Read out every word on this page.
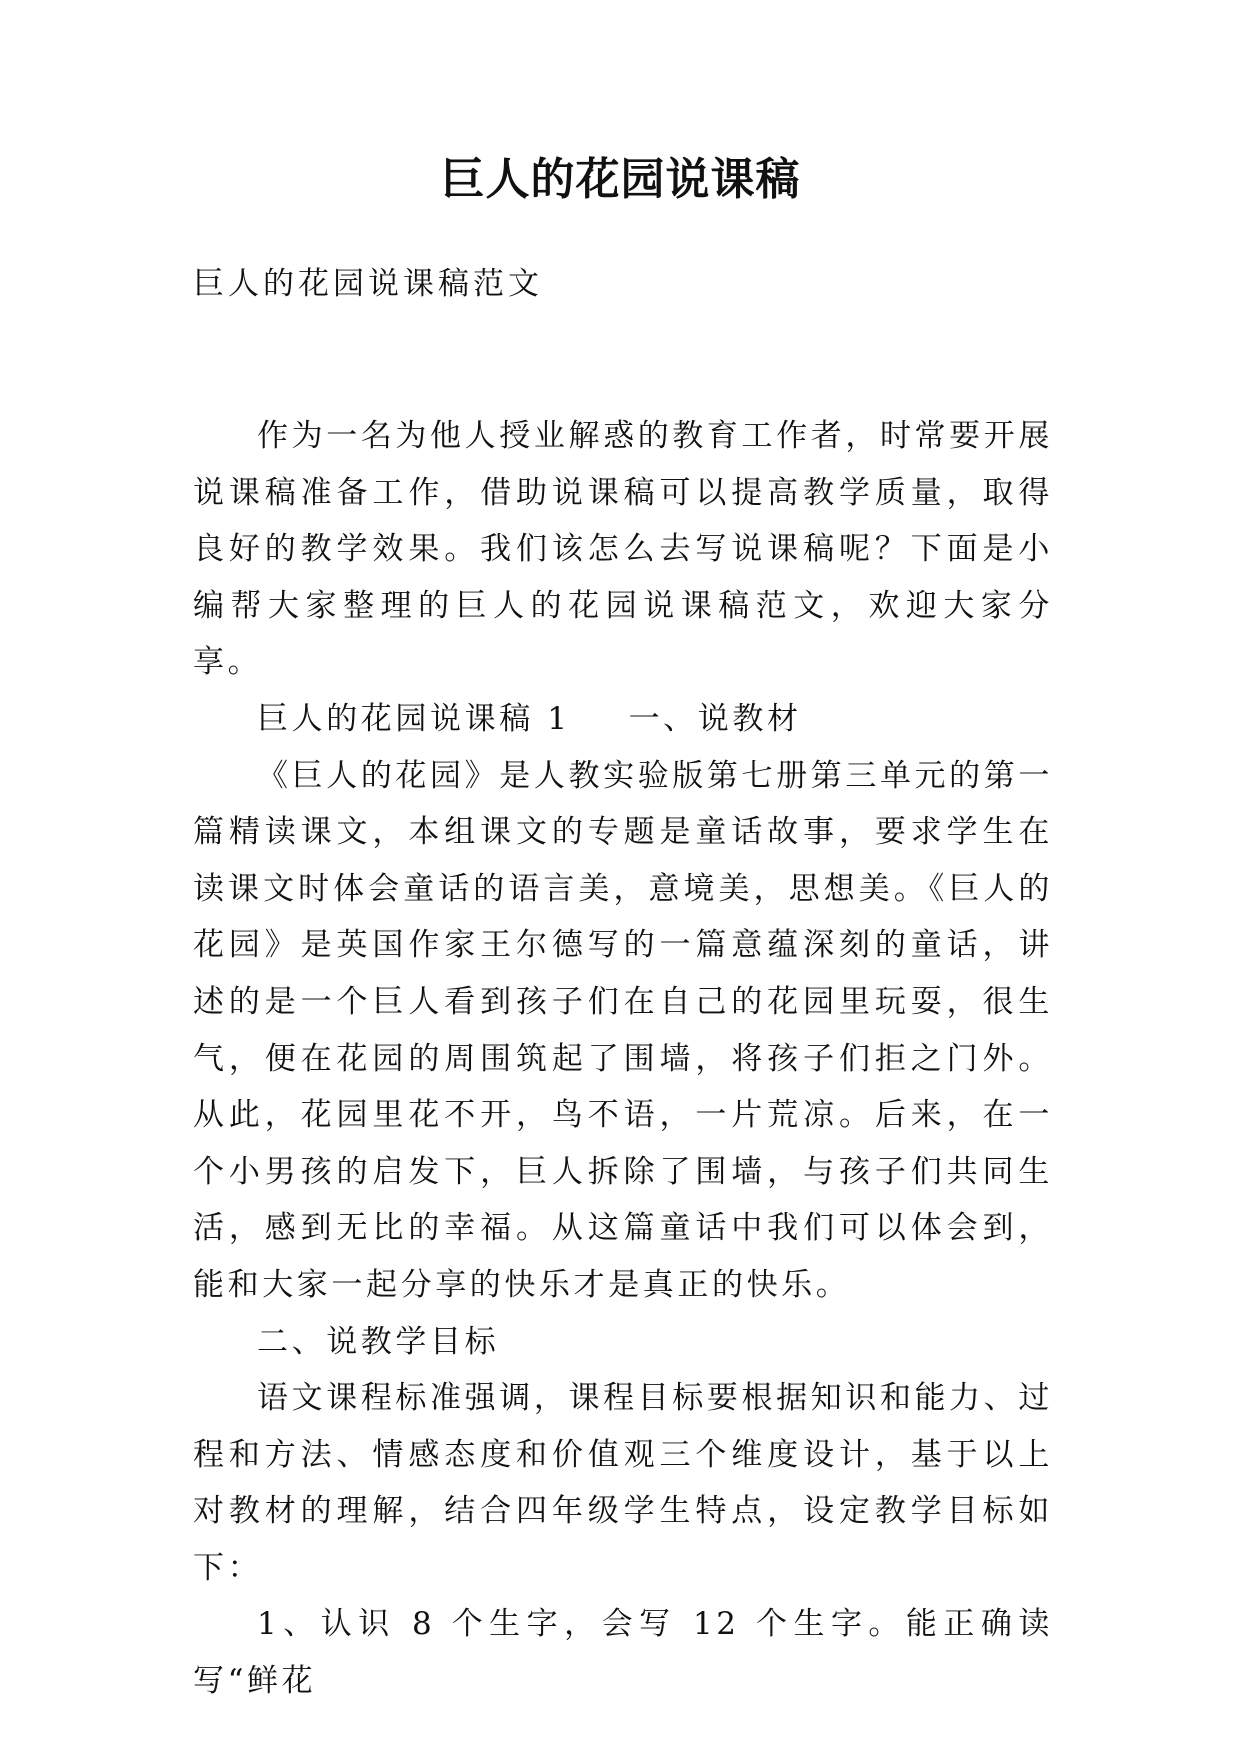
巨人的花园说课稿
巨人的花园说课稿范文

作为一名为他人授业解惑的教育工作者，时常要开展说课稿准备工作，借助说课稿可以提高教学质量，取得良好的教学效果。我们该怎么去写说课稿呢？下面是小编帮大家整理的巨人的花园说课稿范文，欢迎大家分享。

巨人的花园说课稿 1 一、说教材

《巨人的花园》是人教实验版第七册第三单元的第一篇精读课文，本组课文的专题是童话故事，要求学生在读课文时体会童话的语言美，意境美，思想美。《巨人的花园》是英国作家王尔德写的一篇意蕴深刻的童话，讲述的是一个巨人看到孩子们在自己的花园里玩耍，很生气，便在花园的周围筑起了围墙，将孩子们拒之门外。从此，花园里花不开，鸟不语，一片荒凉。后来，在一个小男孩的启发下，巨人拆除了围墙，与孩子们共同生活，感到无比的幸福。从这篇童话中我们可以体会到，能和大家一起分享的快乐才是真正的快乐。

二、说教学目标

语文课程标准强调，课程目标要根据知识和能力、过程和方法、情感态度和价值观三个维度设计，基于以上对教材的理解，结合四年级学生特点，设定教学目标如下：

1、认识 8 个生字，会写 12 个生字。能正确读写“鲜花
